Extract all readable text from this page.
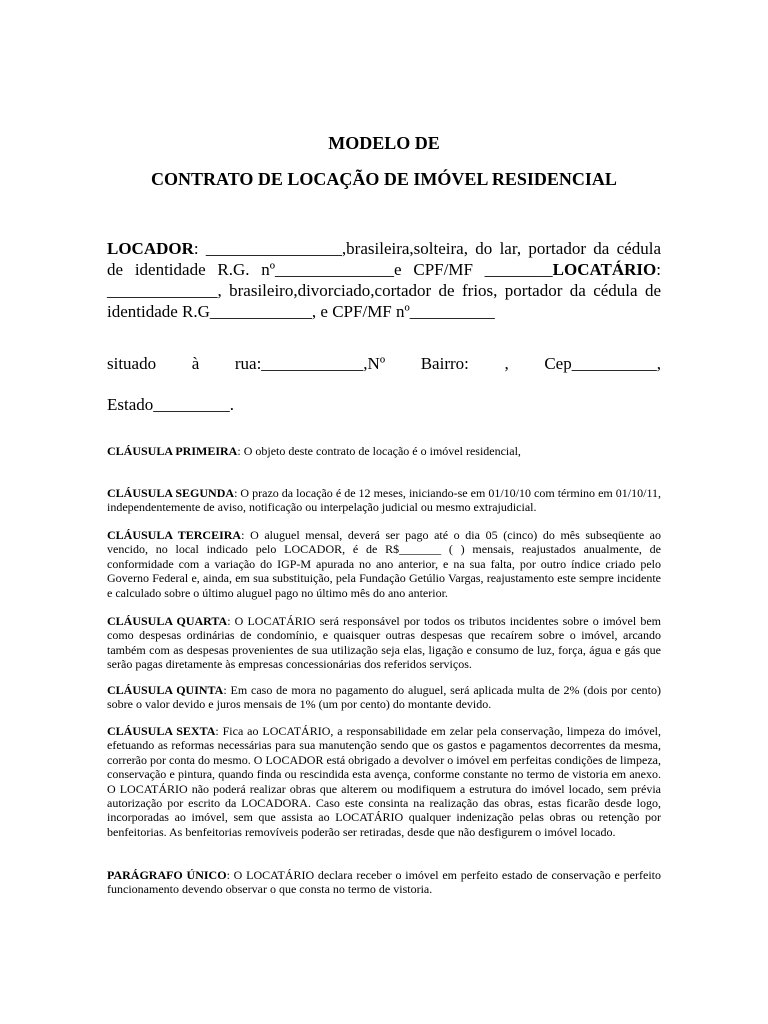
MODELO DE
CONTRATO DE LOCAÇÃO DE IMÓVEL RESIDENCIAL

LOCADOR: ________________,brasileira,solteira, do lar, portador da cédula de identidade R.G. nº______________e CPF/MF ________LOCATÁRIO: _____________, brasileiro,divorciado,cortador de frios, portador da cédula de identidade R.G____________, e CPF/MF nº__________

situado à rua:____________,Nº Bairro: , Cep__________,
Estado_________.

CLÁUSULA PRIMEIRA: O objeto deste contrato de locação é o imóvel residencial,

CLÁUSULA SEGUNDA: O prazo da locação é de 12 meses, iniciando-se em 01/10/10 com término em 01/10/11, independentemente de aviso, notificação ou interpelação judicial ou mesmo extrajudicial.

CLÁUSULA TERCEIRA: O aluguel mensal, deverá ser pago até o dia 05 (cinco) do mês subseqüente ao vencido, no local indicado pelo LOCADOR, é de R$_______ ( ) mensais, reajustados anualmente, de conformidade com a variação do IGP-M apurada no ano anterior, e na sua falta, por outro índice criado pelo Governo Federal e, ainda, em sua substituição, pela Fundação Getúlio Vargas, reajustamento este sempre incidente e calculado sobre o último aluguel pago no último mês do ano anterior.

CLÁUSULA QUARTA: O LOCATÁRIO será responsável por todos os tributos incidentes sobre o imóvel bem como despesas ordinárias de condomínio, e quaisquer outras despesas que recaírem sobre o imóvel, arcando também com as despesas provenientes de sua utilização seja elas, ligação e consumo de luz, força, água e gás que serão pagas diretamente às empresas concessionárias dos referidos serviços.

CLÁUSULA QUINTA: Em caso de mora no pagamento do aluguel, será aplicada multa de 2% (dois por cento) sobre o valor devido e juros mensais de 1% (um por cento) do montante devido.

CLÁUSULA SEXTA: Fica ao LOCATÁRIO, a responsabilidade em zelar pela conservação, limpeza do imóvel, efetuando as reformas necessárias para sua manutenção sendo que os gastos e pagamentos decorrentes da mesma, correrão por conta do mesmo. O LOCADOR está obrigado a devolver o imóvel em perfeitas condições de limpeza, conservação e pintura, quando finda ou rescindida esta avença, conforme constante no termo de vistoria em anexo. O LOCATÁRIO não poderá realizar obras que alterem ou modifiquem a estrutura do imóvel locado, sem prévia autorização por escrito da LOCADORA. Caso este consinta na realização das obras, estas ficarão desde logo, incorporadas ao imóvel, sem que assista ao LOCATÁRIO qualquer indenização pelas obras ou retenção por benfeitorias. As benfeitorias removíveis poderão ser retiradas, desde que não desfigurem o imóvel locado.

PARÁGRAFO ÚNICO: O LOCATÁRIO declara receber o imóvel em perfeito estado de conservação e perfeito funcionamento devendo observar o que consta no termo de vistoria.
